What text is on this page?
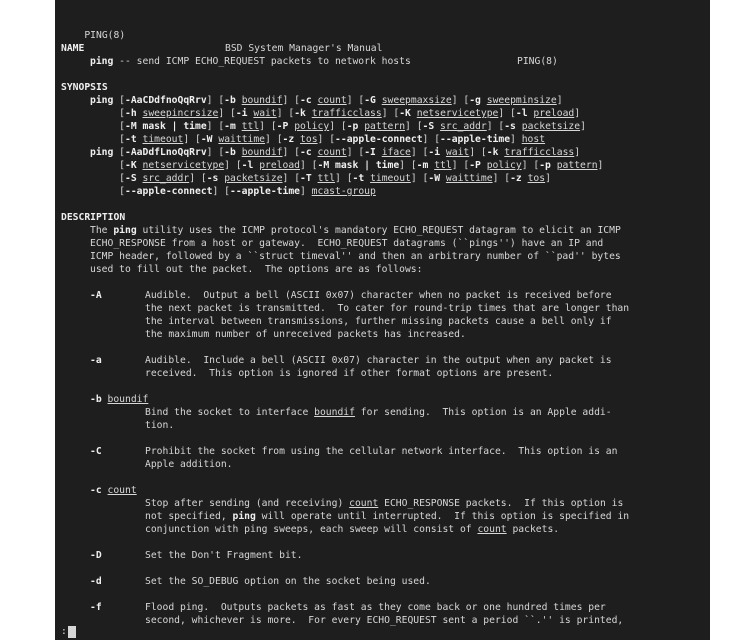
PING(8)

BSD System Manager's Manual

PING(8)

NAME
ping -- send ICMP ECHO_REQUEST packets to network hosts
SYNOPSIS
ping [-AaCDdfnoQqRrv] [-b boundif] [-c count] [-G sweepmaxsize] [-g sweepminsize]
[-h sweepincrsize] [-i wait] [-k trafficclass] [-K netservicetype] [-l preload]
[-M mask | time] [-m ttl] [-P policy] [-p pattern] [-S src_addr] [-s packetsize]
[-t timeout] [-W waittime] [-z tos] [--apple-connect] [--apple-time] host
ping [-AaDdfLnoQqRrv] [-b boundif] [-c count] [-I iface] [-i wait] [-k trafficclass]
[-K netservicetype] [-l preload] [-M mask | time] [-m ttl] [-P policy] [-p pattern]
[-S src_addr] [-s packetsize] [-T ttl] [-t timeout] [-W waittime] [-z tos]
[--apple-connect] [--apple-time] mcast-group
DESCRIPTION
The ping utility uses the ICMP protocol's mandatory ECHO_REQUEST datagram to elicit an ICMP
ECHO_RESPONSE from a host or gateway.  ECHO_REQUEST datagrams (``pings'') have an IP and
ICMP header, followed by a ``struct timeval'' and then an arbitrary number of ``pad'' bytes
used to fill out the packet.  The options are as follows:
-A	Audible.  Output a bell (ASCII 0x07) character when no packet is received before
the next packet is transmitted.  To cater for round-trip times that are longer than
the interval between transmissions, further missing packets cause a bell only if
the maximum number of unreceived packets has increased.
-a	Audible.  Include a bell (ASCII 0x07) character in the output when any packet is
received.  This option is ignored if other format options are present.
-b boundif
Bind the socket to interface boundif for sending.  This option is an Apple addi-
tion.
-C	Prohibit the socket from using the cellular network interface.  This option is an
Apple addition.
-c count
Stop after sending (and receiving) count ECHO_RESPONSE packets.  If this option is
not specified, ping will operate until interrupted.  If this option is specified in
conjunction with ping sweeps, each sweep will consist of count packets.
-D	Set the Don't Fragment bit.
-d	Set the SO_DEBUG option on the socket being used.
-f	Flood ping.  Outputs packets as fast as they come back or one hundred times per
second, whichever is more.  For every ECHO_REQUEST sent a period ``.'' is printed,
:
